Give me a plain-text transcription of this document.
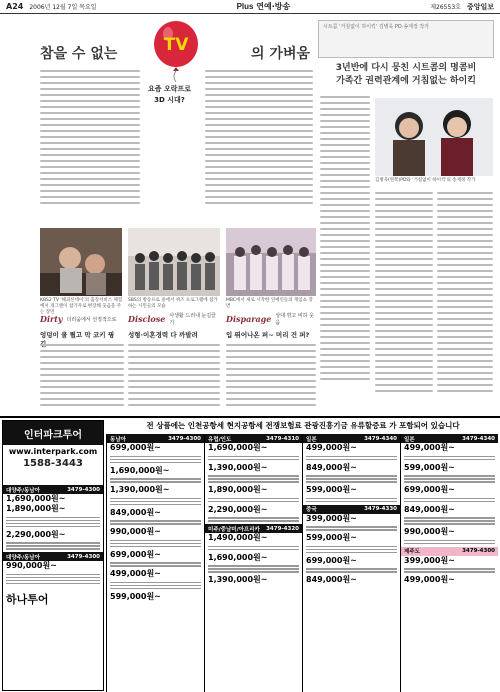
A24 2006년 12월 7일 목요일	Plus 연예·방송	제26553호 중앙일보
참을 수 없는	의 가벼움
TV
요즘 오락프로
3D 시대?
KBS2 TV '해피선데이'의 출장서비스 체험에서 개그맨이 참가자로 변장해 웃음을 주는 장면
SBS의 방송프로 중에서 퀴즈 프로그램에 참가하는 시민들의 모습
MBC에서 새로 시작한 연예인들의 게임쇼 장면
Dirty 더러움에서 선정적으로 Disclose 사생활 드러내 눈길끌기	Disparage 상대 깎고 비하 웃음
엉덩이 쿨 뛸고 막 코키 꿩	성형·이혼경력 다 까발려	입 뛰어나온 퍼~ 머리 건 퍼?
시트콤 '거침없이 하이킥' 김병욱 PD·송재정 작가
3년반에 다시 뭉친 시트콤의 명콤비
가족간 권력관계에 거침없는 하이킥
김병욱(왼쪽)PD와 '거침없이 하이킥'의 송재정 작가
전 상품에는 인천공항세 현지공항세 전쟁보험료 관광진흥기금 유류할증료 가 포함되어 있습니다
인터파크투어
www.interpark.com
1588-3443
대양주/동남아	3479-4300
1,690,000원~
1,890,000원~
2,290,000원~
대양주/동남아	3479-4300
990,000원~
하나투어
동남아	3479-4300
699,000원~
1,690,000원~
1,390,000원~
849,000원~
990,000원~
699,000원~
499,000원~
599,000원~
유럽/인도	3479-4310
1,690,000원~
1,390,000원~
1,890,000원~
2,290,000원~
미주/중남미/아프리카 3479-4320
1,490,000원~
1,690,000원~
1,390,000원~
일본	3479-4340
499,000원~
849,000원~
599,000원~
중국	3479-4330
399,000원~
599,000원~
699,000원~
849,000원~
일본	3479-4340
499,000원~
599,000원~
699,000원~
849,000원~
990,000원~
제주도	3479-4300
399,000원~
499,000원~
